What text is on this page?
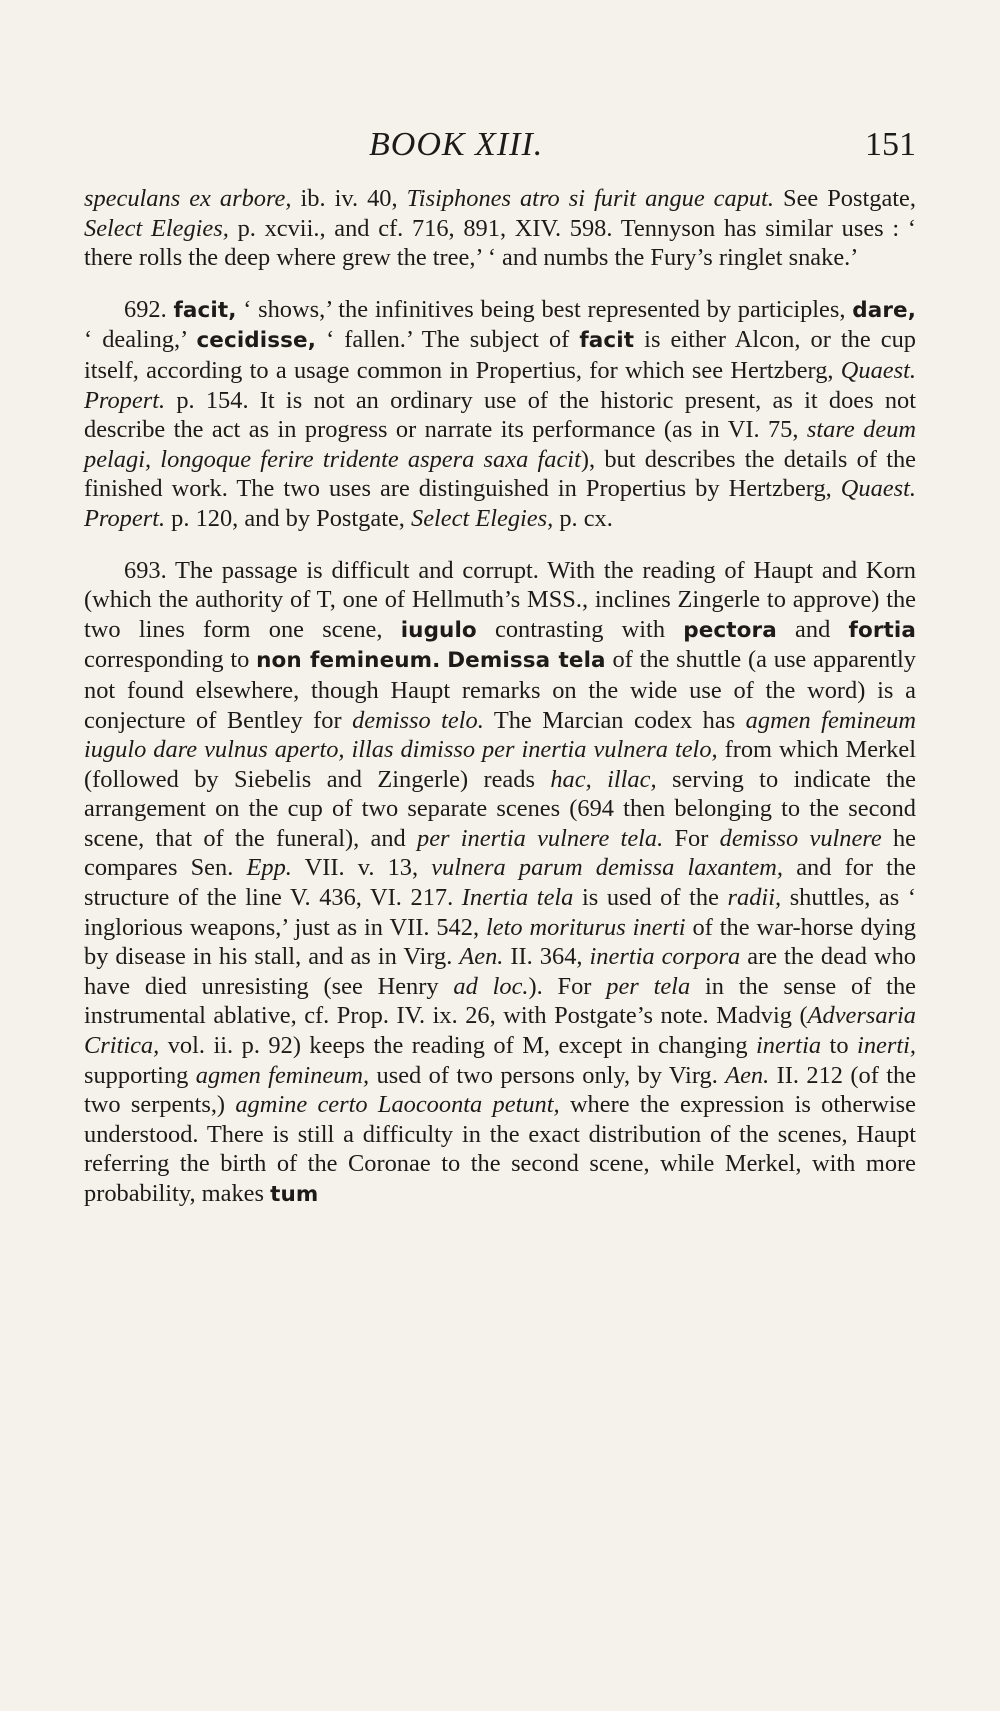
BOOK XIII.	151

speculans ex arbore, ib. iv. 40, Tisiphones atro si furit angue caput. See Postgate, Select Elegies, p. xcvii., and cf. 716, 891, XIV. 598. Tennyson has similar uses : ‘ there rolls the deep where grew the tree,’ ‘ and numbs the Fury’s ringlet snake.’

692. facit, ‘ shows,’ the infinitives being best represented by participles, dare, ‘ dealing,’ cecidisse, ‘ fallen.’ The subject of facit is either Alcon, or the cup itself, according to a usage common in Propertius, for which see Hertzberg, Quaest. Propert. p. 154. It is not an ordinary use of the historic present, as it does not describe the act as in progress or narrate its performance (as in VI. 75, stare deum pelagi, longoque ferire tridente aspera saxa facit), but describes the details of the finished work. The two uses are distinguished in Propertius by Hertzberg, Quaest. Propert. p. 120, and by Postgate, Select Elegies, p. cx.

693. The passage is difficult and corrupt. With the reading of Haupt and Korn (which the authority of T, one of Hellmuth’s MSS., inclines Zingerle to approve) the two lines form one scene, iugulo contrasting with pectora and fortia corresponding to non femineum. Demissa tela of the shuttle (a use apparently not found elsewhere, though Haupt remarks on the wide use of the word) is a conjecture of Bentley for demisso telo. The Marcian codex has agmen femineum iugulo dare vulnus aperto, illas dimisso per inertia vulnera telo, from which Merkel (followed by Siebelis and Zingerle) reads hac, illac, serving to indicate the arrangement on the cup of two separate scenes (694 then belonging to the second scene, that of the funeral), and per inertia vulnere tela. For demisso vulnere he compares Sen. Epp. VII. v. 13, vulnera parum demissa laxantem, and for the structure of the line V. 436, VI. 217. Inertia tela is used of the radii, shuttles, as ‘ inglorious weapons,’ just as in VII. 542, leto moriturus inerti of the war-horse dying by disease in his stall, and as in Virg. Aen. II. 364, inertia corpora are the dead who have died unresisting (see Henry ad loc.). For per tela in the sense of the instrumental ablative, cf. Prop. IV. ix. 26, with Postgate’s note. Madvig (Adversaria Critica, vol. ii. p. 92) keeps the reading of M, except in changing inertia to inerti, supporting agmen femineum, used of two persons only, by Virg. Aen. II. 212 (of the two serpents,) agmine certo Laocoonta petunt, where the expression is otherwise understood. There is still a difficulty in the exact distribution of the scenes, Haupt referring the birth of the Coronae to the second scene, while Merkel, with more probability, makes tum
